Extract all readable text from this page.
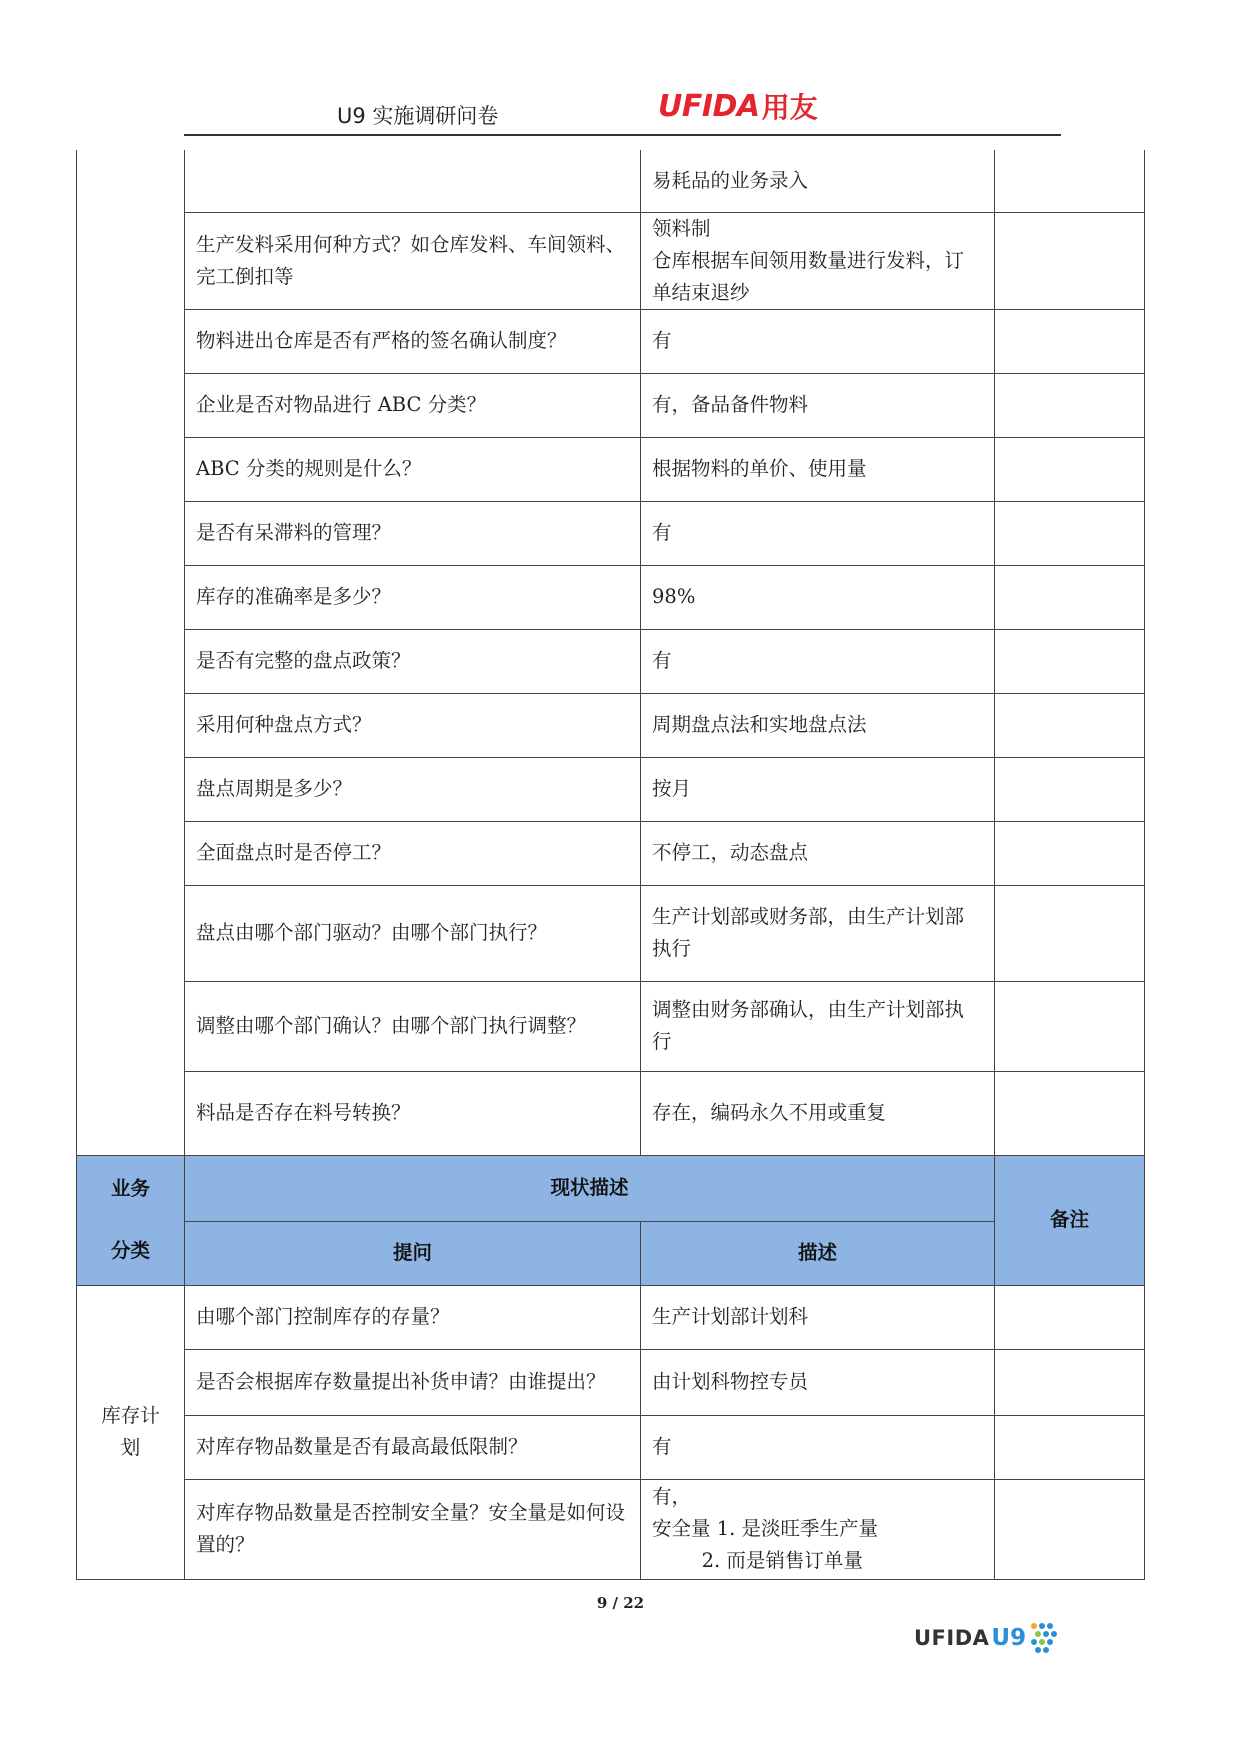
U9 实施调研问卷	UFIDA 用友
		易耗品的业务录入	
	生产发料采用何种方式？如仓库发料、车间领料、完工倒扣等	领料制
仓库根据车间领用数量进行发料，订单结束退纱	
	物料进出仓库是否有严格的签名确认制度？	有	
	企业是否对物品进行 ABC 分类？	有，备品备件物料	
	ABC 分类的规则是什么？	根据物料的单价、使用量	
	是否有呆滞料的管理？	有	
	库存的准确率是多少？	98%	
	是否有完整的盘点政策？	有	
	采用何种盘点方式？	周期盘点法和实地盘点法	
	盘点周期是多少？	按月	
	全面盘点时是否停工？	不停工，动态盘点	
	盘点由哪个部门驱动？由哪个部门执行？	生产计划部或财务部，由生产计划部执行	
	调整由哪个部门确认？由哪个部门执行调整？	调整由财务部确认，由生产计划部执行	
	料品是否存在料号转换？	存在，编码永久不用或重复	
业务
分类	现状描述		备注
	提问	描述	
库存计
划	由哪个部门控制库存的存量？	生产计划部计划科	
	是否会根据库存数量提出补货申请？由谁提出？	由计划科物控专员	
	对库存物品数量是否有最高最低限制？	有	
	对库存物品数量是否控制安全量？安全量是如何设置的？	有，
安全量 1. 是淡旺季生产量
2. 而是销售订单量	
9 / 22
UFIDA U9
